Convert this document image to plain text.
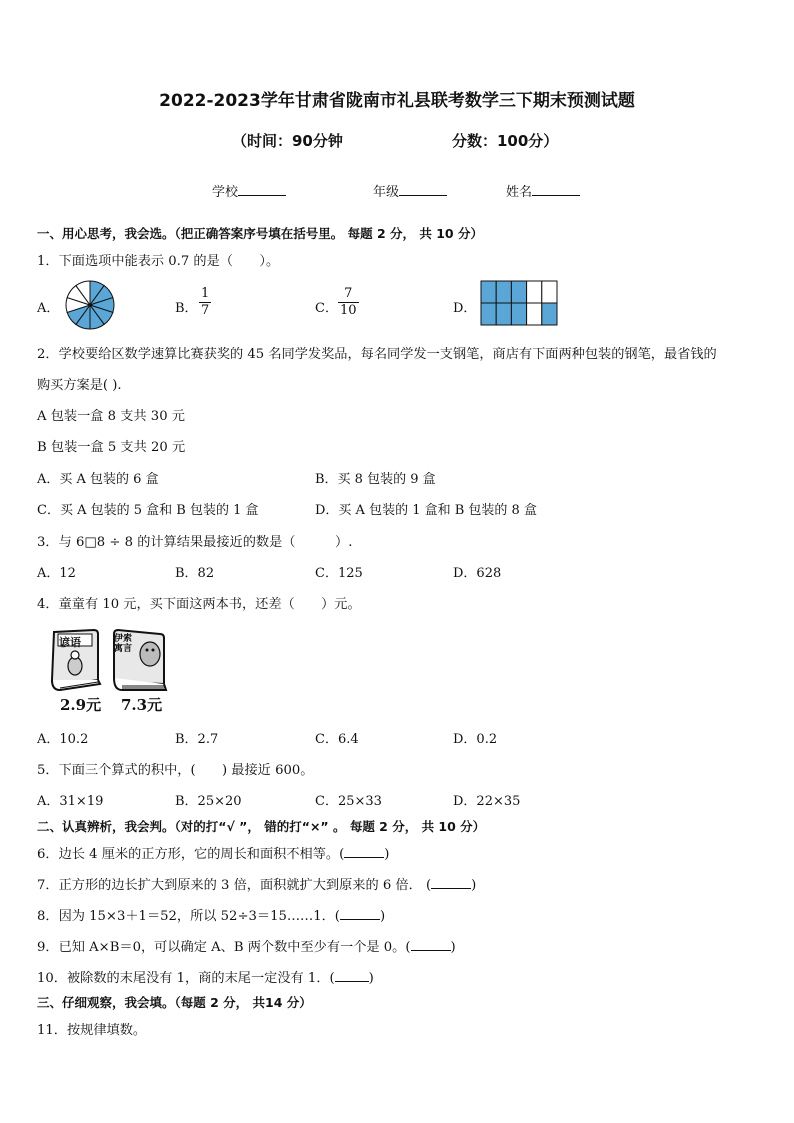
2022-2023学年甘肃省陇南市礼县联考数学三下期末预测试题
（时间：90分钟	分数：100分）
学校	年级	姓名
一、用心思考，我会选。（把正确答案序号填在括号里。 每题 2 分， 共 10 分）
1．下面选项中能表示 0.7 的是（　　）。
A．	B． $\frac{1}{7}$	C． $\frac{7}{10}$	D．
2．学校要给区数学速算比赛获奖的 45 名同学发奖品，每名同学发一支钢笔，商店有下面两种包装的钢笔，最省钱的
购买方案是( ).
A 包装一盒 8 支共 30 元
B 包装一盒 5 支共 20 元
A．买 A 包装的 6 盒	B．买 8 包装的 9 盒
C．买 A 包装的 5 盒和 B 包装的 1 盒	D．买 A 包装的 1 盒和 B 包装的 8 盒
3．与 6□8 ÷ 8 的计算结果最接近的数是（　　　）.
A．12	B．82	C．125	D．628
4．童童有 10 元，买下面这两本书，还差（　　）元。
谚语	伊索寓言
2.9元 7.3元
A．10.2	B．2.7	C．6.4	D．0.2
5．下面三个算式的积中，(　　) 最接近 600。
A．31×19	B．25×20	C．25×33	D．22×35
二、认真辨析，我会判。（对的打“√ ”， 错的打“×” 。 每题 2 分， 共 10 分）
6．边长 4 厘米的正方形，它的周长和面积不相等。(	)
7．正方形的边长扩大到原来的 3 倍，面积就扩大到原来的 6 倍． (	)
8．因为 15×3＋1＝52，所以 52÷3＝15……1．(	)
9．已知 A×B＝0，可以确定 A、B 两个数中至少有一个是 0。(	)
10．被除数的末尾没有 1，商的末尾一定没有 1．(	)
三、仔细观察，我会填。（每题 2 分， 共14 分）
11．按规律填数。
